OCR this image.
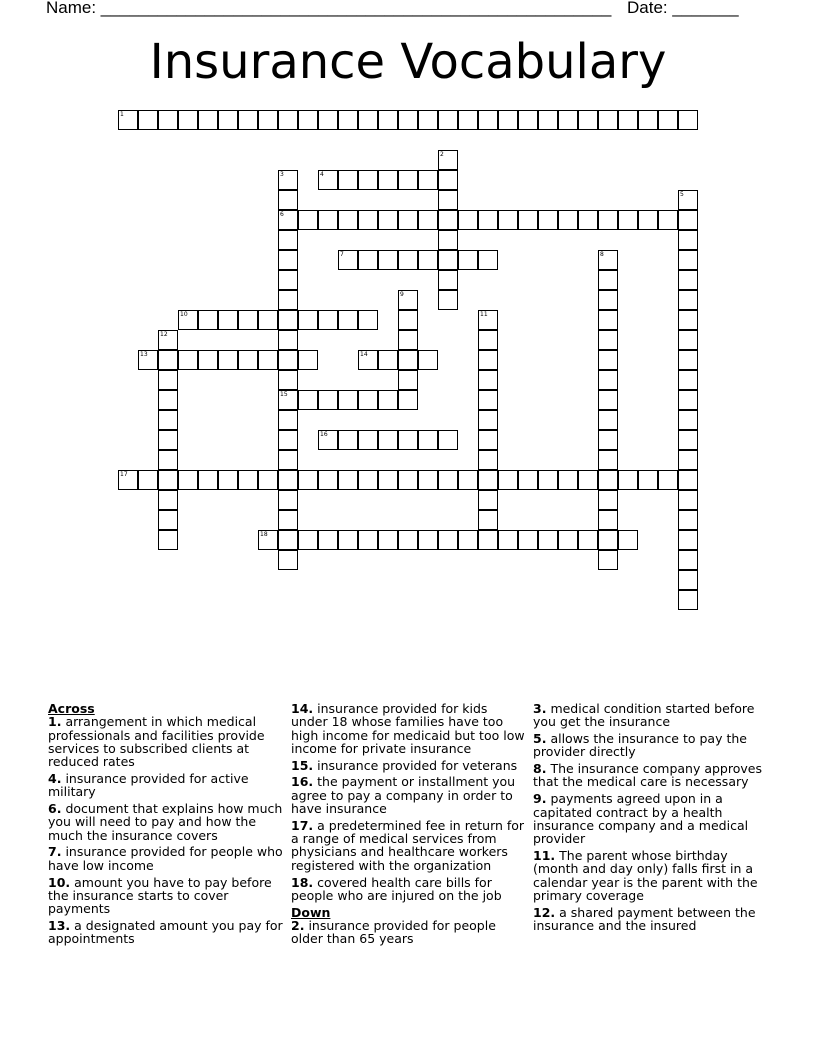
Name: ______________________________________________________ Date: _______
Insurance Vocabulary
1
4
6
7
10
13	14
15
16
17
18
2
3
5
8
9
11
12
Across
1. arrangement in which medical professionals and facilities provide services to subscribed clients at reduced rates
4. insurance provided for active military
6. document that explains how much you will need to pay and how the much the insurance covers
7. insurance provided for people who have low income
10. amount you have to pay before the insurance starts to cover payments
13. a designated amount you pay for appointments
14. insurance provided for kids under 18 whose families have too high income for medicaid but too low income for private insurance
15. insurance provided for veterans
16. the payment or installment you agree to pay a company in order to have insurance
17. a predetermined fee in return for a range of medical services from physicians and healthcare workers registered with the organization
18. covered health care bills for people who are injured on the job
Down
2. insurance provided for people older than 65 years
3. medical condition started before you get the insurance
5. allows the insurance to pay the provider directly
8. The insurance company approves that the medical care is necessary
9. payments agreed upon in a capitated contract by a health insurance company and a medical provider
11. The parent whose birthday (month and day only) falls first in a calendar year is the parent with the primary coverage
12. a shared payment between the insurance and the insured
